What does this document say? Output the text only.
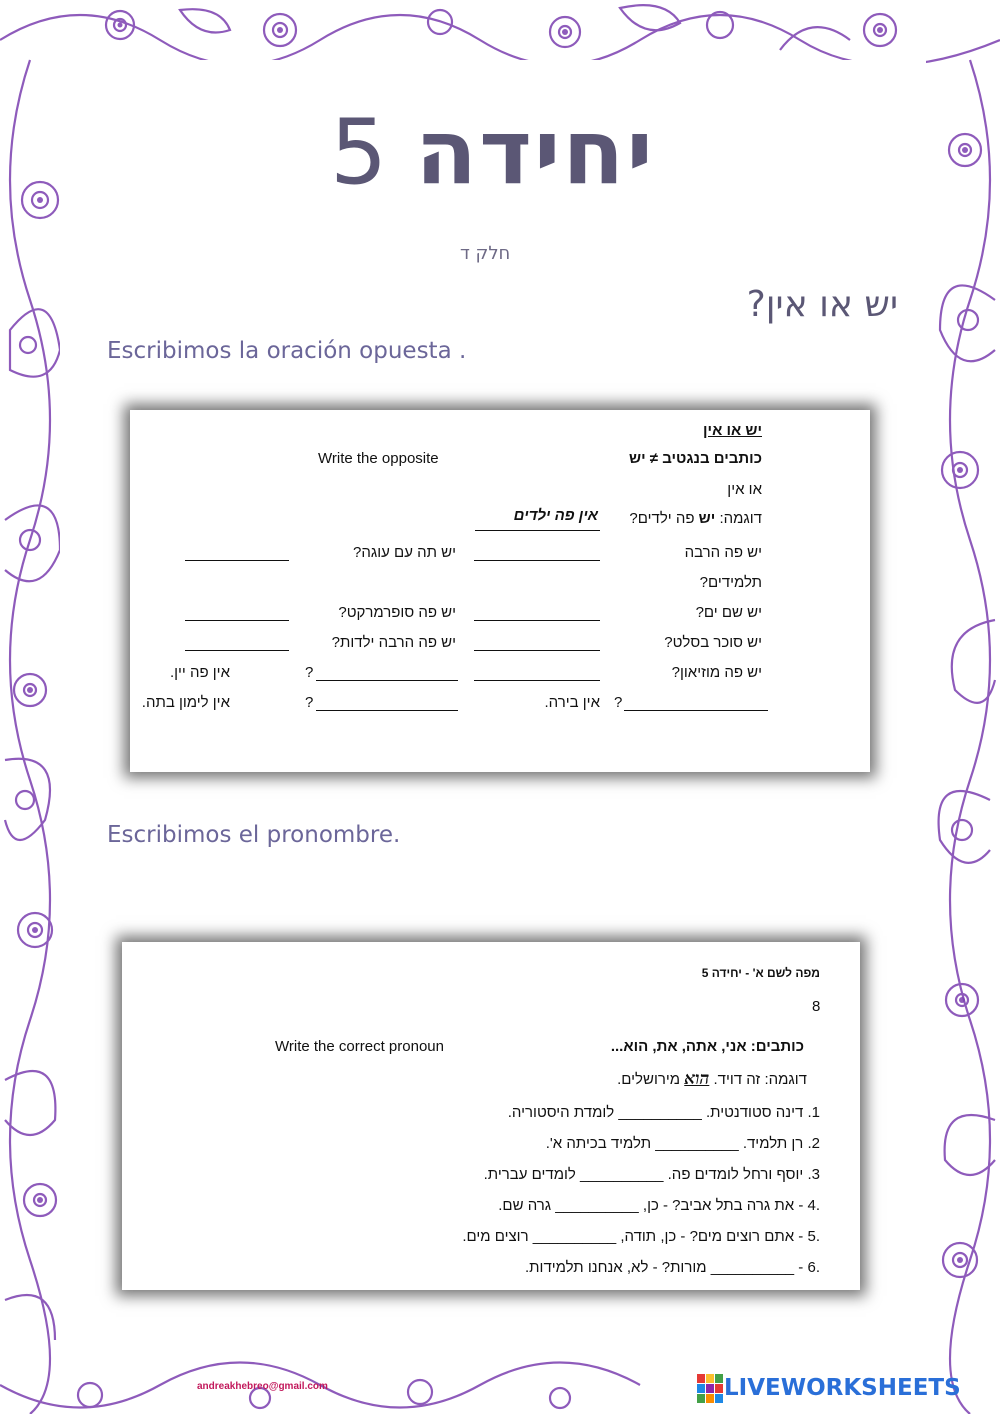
5 יחידה
חלק ד
יש או אין?
Escribimos la oración opuesta .
יש או אין
כותבים בנגטיב ≠ יש
Write the opposite
או אין
דוגמה: יש פה ילדים?
אין פה ילדים
יש פה הרבה
תלמידים?
יש שם ים?
יש סוכר בסלט?
יש פה מוזיאון?
אין בירה. ?
יש תה עם עוגה?
יש פה סופרמרקט?
יש פה הרבה ילדות?
אין פה יין.
אין לימון בתה.
?
?
Escribimos el pronombre.
מפה לשם א' - יחידה 5
8
כותבים: אני, אתה, את, הוא...
Write the correct pronoun
דוגמה: זה דויד. הוא מירושלים.
1. דינה סטודנטית. __________ לומדת היסטוריה.
2. רן תלמיד. __________ תלמיד בכיתה א'.
3. יוסף ורחל לומדים פה. __________ לומדים עברית.
.4 - את גרה בתל אביב? - כן, __________ גרה שם.
.5 - אתם רוצים מים? - כן, תודה, __________ רוצים מים.
.6 - __________ מורות? - לא, אנחנו תלמידות.
andreakhebreo@gmail.com	LIVEWORKSHEETS
